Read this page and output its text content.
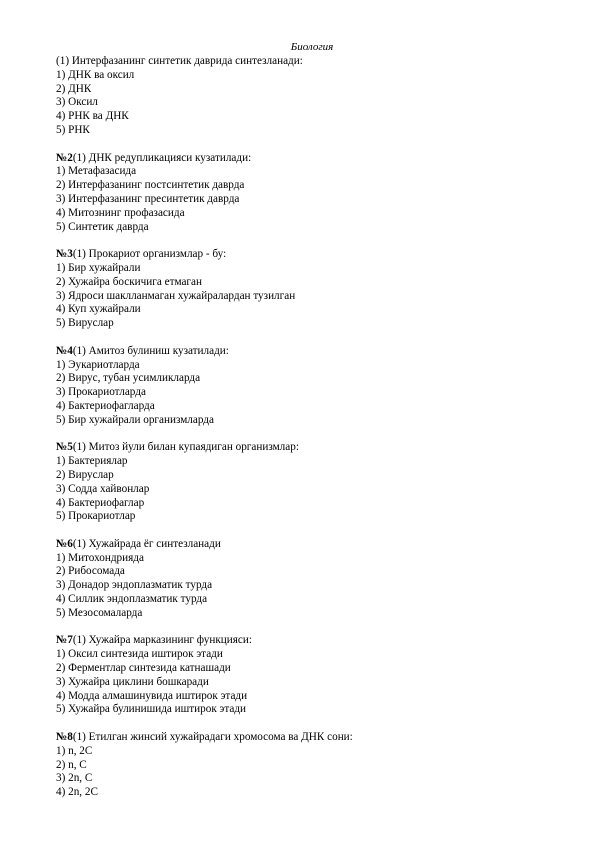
Биология
(1) Интерфазанинг синтетик даврида синтезланади:
1) ДНК ва оксил
2) ДНК
3) Оксил
4) РНК ва ДНК
5) РНК
№2(1) ДНК редупликацияси кузатилади:
1) Метафазасида
2) Интерфазанинг постсинтетик даврда
3) Интерфазанинг пресинтетик даврда
4) Митознинг профазасида
5) Синтетик даврда
№3(1) Прокариот организмлар - бу:
1) Бир хужайрали
2) Хужайра боскичига етмаган
3) Ядроси шаклланмаган хужайралардан тузилган
4) Куп хужайрали
5) Вируслар
№4(1) Амитоз булиниш кузатилади:
1) Эукариотларда
2) Вирус, тубан усимликларда
3) Прокариотларда
4) Бактериофагларда
5) Бир хужайрали организмларда
№5(1) Митоз йули билан купаядиган организмлар:
1) Бактериялар
2) Вируслар
3) Содда хайвонлар
4) Бактериофаглар
5) Прокариотлар
№6(1) Хужайрада ёг синтезланади
1) Митохондрияда
2) Рибосомада
3) Донадор эндоплазматик турда
4) Силлик эндоплазматик турда
5) Мезосомаларда
№7(1) Хужайра марказининг функцияси:
1) Оксил синтезида иштирок этади
2) Ферментлар синтезида катнашади
3) Хужайра циклини бошкаради
4) Модда алмашинувида иштирок этади
5) Хужайра булинишида иштирок этади
№8(1) Етилган жинсий хужайрадаги хромосома ва ДНК сони:
1) n, 2C
2) n, C
3) 2n, C
4) 2n, 2C
